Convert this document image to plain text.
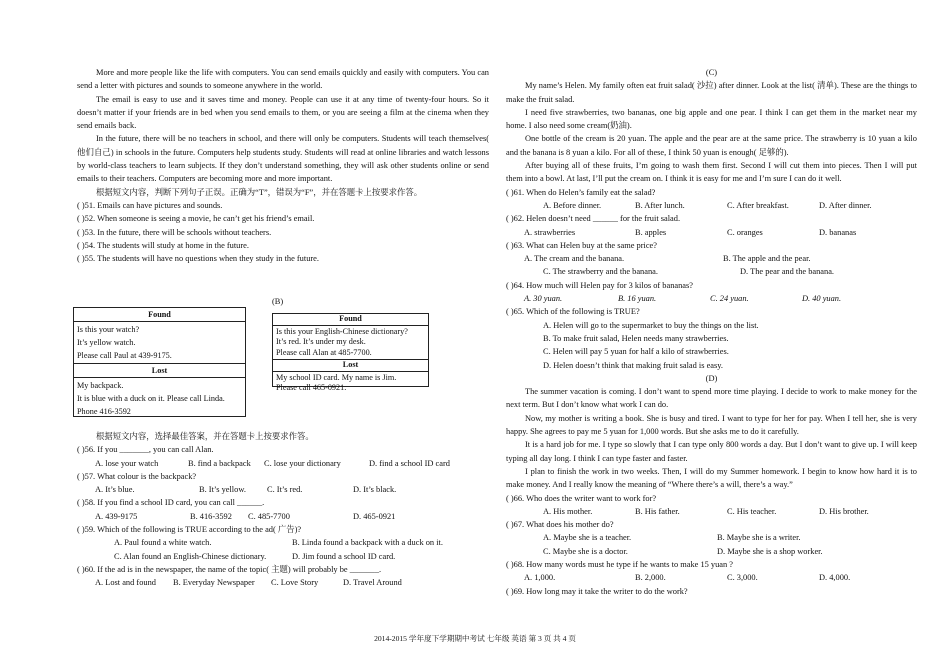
More and more people like the life with computers. You can send emails quickly and easily with computers. You can send a letter with pictures and sounds to someone anywhere in the world.

The email is easy to use and it saves time and money. People can use it at any time of twenty-four hours. So it doesn’t matter if your friends are in bed when you send emails to them, or you are seeing a film at the cinema when they send emails back.

In the future, there will be no teachers in school, and there will only be computers. Students will teach themselves( 他们自己) in schools in the future. Computers help students study. Students will read at online libraries and watch lessons by world-class teachers to learn subjects. If they don’t understand something, they will ask other students online or send emails to their teachers. Computers are becoming more and more important.

根据短文内容，判断下列句子正误。正确为“T”，错误为“F”，并在答题卡上按要求作答。

( )51. Emails can have pictures and sounds.

( )52. When someone is seeing a movie, he can’t get his friend’s email.

( )53. In the future, there will be schools without teachers.

( )54. The students will study at home in the future.

( )55. The students will have no questions when they study in the future.

(B)
Found
Is this your watch?
It’s yellow watch.
Please call Paul at 439-9175.
Lost
My backpack.
It is blue with a duck on it. Please call Linda.
Phone 416-3592
Found
Is this your English-Chinese dictionary?
It’s red. It’s under my desk.
Please call Alan at 485-7700.
Lost
My school ID card. My name is Jim.
Please call 465-0921.

根据短文内容，选择最佳答案，并在答题卡上按要求作答。

( )56. If you _______, you can call Alan.

A. lose your watch	B. find a backpack	C. lose your dictionary	D. find a school ID card

( )57. What colour is the backpack?

A. It’s blue.	B. It’s yellow.	C. It’s red.	D. It’s black.

( )58. If you find a school ID card, you can call ______.

A. 439-9175	B. 416-3592	C. 485-7700	D. 465-0921

( )59. Which of the following is TRUE according to the ad( 广告)?

A. Paul found a white watch.	B. Linda found a backpack with a duck on it.
C. Alan found an English-Chinese dictionary.	D. Jim found a school ID card.

( )60. If the ad is in the newspaper, the name of the topic( 主题) will probably be _______.

A. Lost and found	B. Everyday Newspaper	C. Love Story	D. Travel Around

(C)

My name’s Helen. My family often eat fruit salad( 沙拉) after dinner. Look at the list( 清单). These are the things to make the fruit salad.

I need five strawberries, two bananas, one big apple and one pear. I think I can get them in the market near my home. I also need some cream(奶油).

One bottle of the cream is 20 yuan. The apple and the pear are at the same price. The strawberry is 10 yuan a kilo and the banana is 8 yuan a kilo. For all of these, I think 50 yuan is enough( 足够的).

After buying all of these fruits, I’m going to wash them first. Second I will cut them into pieces. Then I will put them into a bowl. At last, I’ll put the cream on. I think it is easy for me and I’m sure I can do it well.

( )61. When do Helen’s family eat the salad?

A. Before dinner.	B. After lunch.	C. After breakfast.	D. After dinner.

( )62. Helen doesn’t need ______ for the fruit salad.

A. strawberries	B. apples	C. oranges	D. bananas

( )63. What can Helen buy at the same price?

A. The cream and the banana.	B. The apple and the pear.
C. The strawberry and the banana.	D. The pear and the banana.

( )64. How much will Helen pay for 3 kilos of bananas?

A. 30 yuan.	B. 16 yuan.	C. 24 yuan.	D. 40 yuan.

( )65. Which of the following is TRUE?

A. Helen will go to the supermarket to buy the things on the list.

B. To make fruit salad, Helen needs many strawberries.

C. Helen will pay 5 yuan for half a kilo of strawberries.

D. Helen doesn’t think that making fruit salad is easy.

(D)

The summer vacation is coming. I don’t want to spend more time playing. I decide to work to make money for the next term. But I don’t know what work I can do.

Now, my mother is writing a book. She is busy and tired. I want to type for her for pay. When I tell her, she is very happy. She agrees to pay me 5 yuan for 1,000 words. But she asks me to do it carefully.

It is a hard job for me. I type so slowly that I can type only 800 words a day. But I don’t want to give up. I will keep typing all day long. I think I can type faster and faster.

I plan to finish the work in two weeks. Then, I will do my Summer homework. I begin to know how hard it is to make money. And I really know the meaning of “Where there’s a will, there’s a way.”

( )66. Who does the writer want to work for?

A. His mother.	B. His father.	C. His teacher.	D. His brother.

( )67. What does his mother do?

A. Maybe she is a teacher.	B. Maybe she is a writer.
C. Maybe she is a doctor.	D. Maybe she is a shop worker.

( )68. How many words must he type if he wants to make 15 yuan ?

A. 1,000.	B. 2,000.	C. 3,000.	D. 4,000.

( )69. How long may it take the writer to do the work?

2014-2015 学年度下学期期中考试 七年级 英语 第 3 页 共 4 页
